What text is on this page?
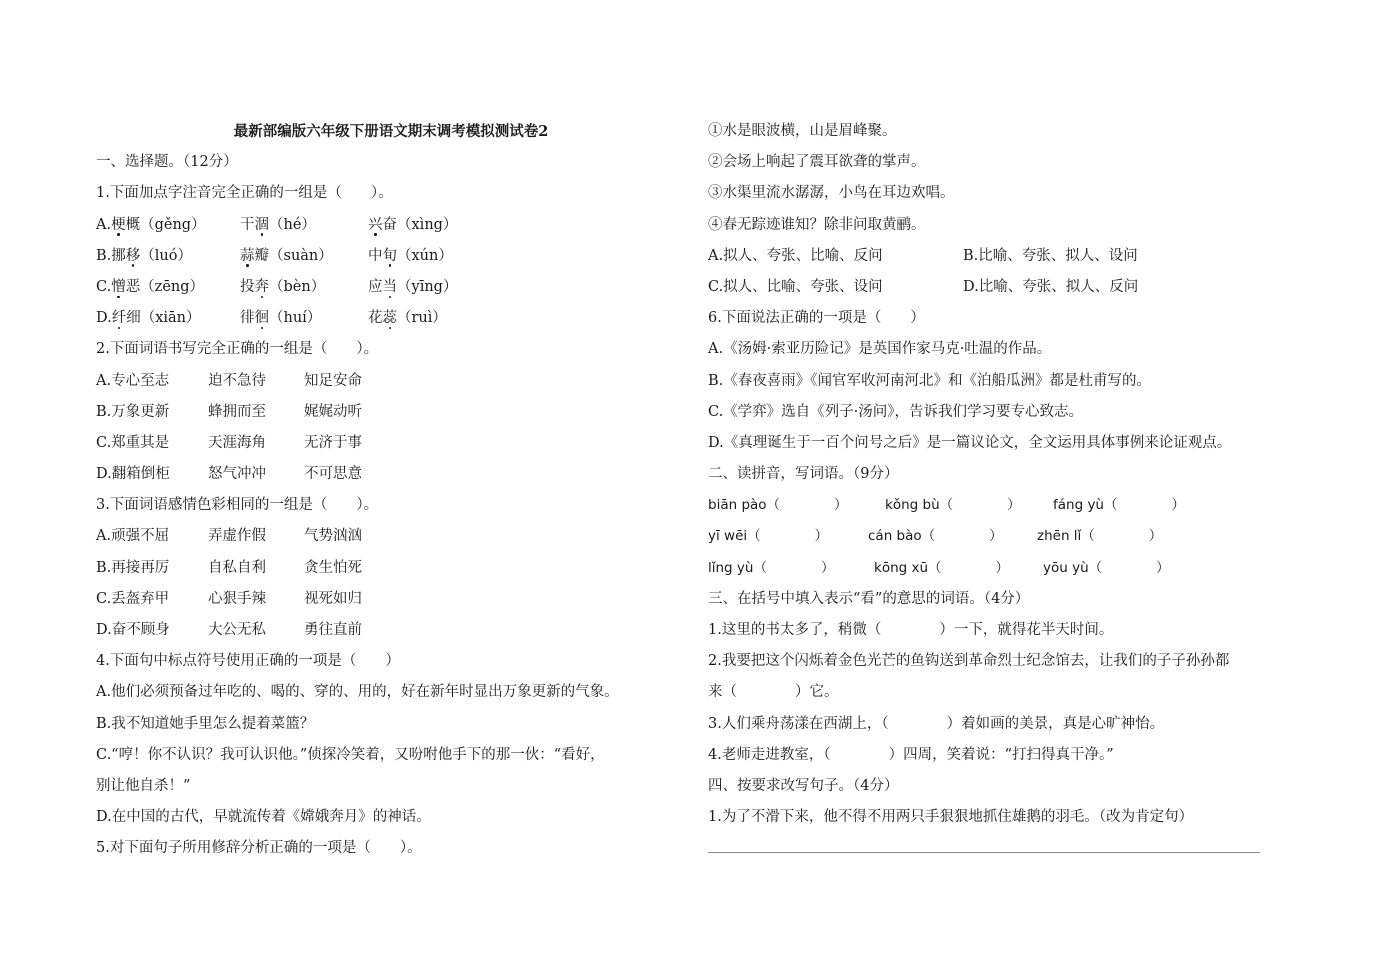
最新部编版六年级下册语文期末调考模拟测试卷2
一、选择题。（12分）
1.下面加点字注音完全正确的一组是（　　）。
A.梗概（gěng）	干涸（hé）	兴奋（xìng）
B.挪移（luó）	蒜瓣（suàn）	中旬（xún）
C.憎恶（zēng）	投奔（bèn）	应当（yīng）
D.纤细（xiān）	徘徊（huí）	花蕊（ruì）
2.下面词语书写完全正确的一组是（　　）。
A.专心至志	迫不急待	知足安命
B.万象更新	蜂拥而至	娓娓动听
C.郑重其是	天涯海角	无济于事
D.翻箱倒柜	怒气冲冲	不可思意
3.下面词语感情色彩相同的一组是（　　）。
A.顽强不屈	弄虚作假	气势汹汹
B.再接再厉	自私自利	贪生怕死
C.丢盔弃甲	心狠手辣	视死如归
D.奋不顾身	大公无私	勇往直前
4.下面句中标点符号使用正确的一项是（　　）
A.他们必须预备过年吃的、喝的、穿的、用的，好在新年时显出万象更新的气象。
B.我不知道她手里怎么提着菜篮？
C.“哼！你不认识？我可认识他。”侦探冷笑着，又吩咐他手下的那一伙：“看好，
别让他自杀！”
D.在中国的古代，早就流传着《嫦娥奔月》的神话。
5.对下面句子所用修辞分析正确的一项是（　　）。
①水是眼波横，山是眉峰聚。
②会场上响起了震耳欲聋的掌声。
③水渠里流水潺潺，小鸟在耳边欢唱。
④春无踪迹谁知？除非问取黄鹂。
A.拟人、夸张、比喻、反问	B.比喻、夸张、拟人、设问
C.拟人、比喻、夸张、设问	D.比喻、夸张、拟人、反问
6.下面说法正确的一项是（　　）
A.《汤姆·索亚历险记》是英国作家马克·吐温的作品。
B.《春夜喜雨》《闻官军收河南河北》和《泊船瓜洲》都是杜甫写的。
C.《学弈》选自《列子·汤问》，告诉我们学习要专心致志。
D.《真理诞生于一百个问号之后》是一篇议论文，全文运用具体事例来论证观点。
二、读拼音，写词语。（9分）
biān pào（　　　　）	kǒng bù（　　　　） fáng yù（　　　　）
yī wēi（　　　　）	cán bào（　　　　）	zhēn lǐ（　　　　）
lǐng yù（　　　　）	kōng xū（　　　　）	yōu yù（　　　　）
三、在括号中填入表示“看”的意思的词语。（4分）
1.这里的书太多了，稍微（　　　　）一下，就得花半天时间。
2.我要把这个闪烁着金色光芒的鱼钩送到革命烈士纪念馆去，让我们的子子孙孙都
来（　　　　）它。
3.人们乘舟荡漾在西湖上，（　　　　）着如画的美景，真是心旷神怡。
4.老师走进教室，（　　　　）四周，笑着说：“打扫得真干净。”
四、按要求改写句子。（4分）
1.为了不滑下来，他不得不用两只手狠狠地抓住雄鹅的羽毛。（改为肯定句）
